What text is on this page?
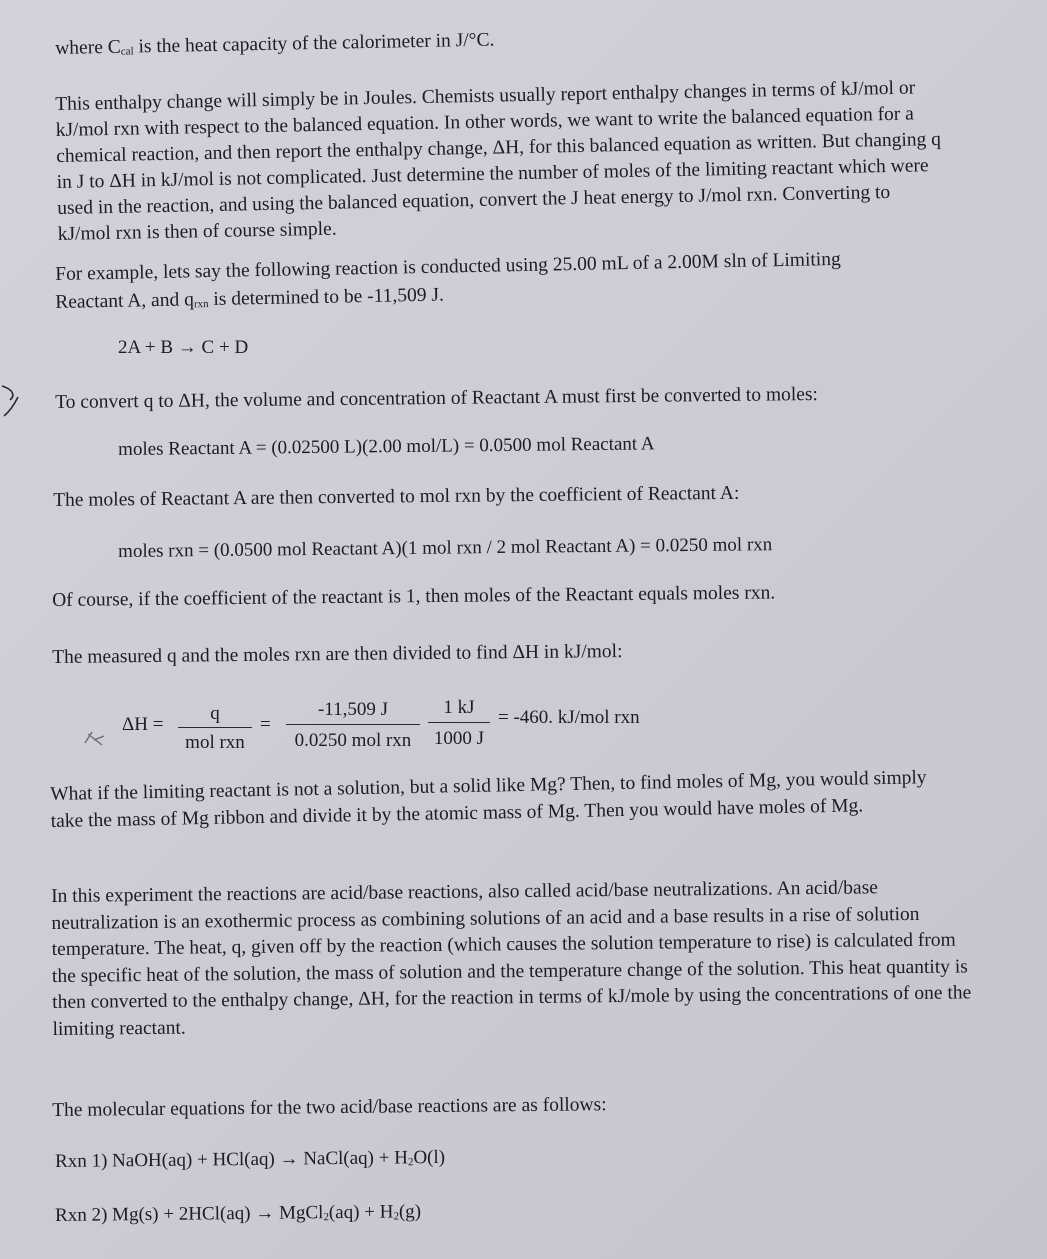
where $C_{cal}$ is the heat capacity of the calorimeter in J/°C.

This enthalpy change will simply be in Joules. Chemists usually report enthalpy changes in terms of kJ/mol or kJ/mol rxn with respect to the balanced equation. In other words, we want to write the balanced equation for a chemical reaction, and then report the enthalpy change, ΔH, for this balanced equation as written. But changing q in J to ΔH in kJ/mol is not complicated. Just determine the number of moles of the limiting reactant which were used in the reaction, and using the balanced equation, convert the J heat energy to J/mol rxn. Converting to kJ/mol rxn is then of course simple.

For example, lets say the following reaction is conducted using 25.00 mL of a 2.00M sln of Limiting

Reactant A, and $q_{rxn}$ is determined to be -11,509 J.

2A + B → C + D

To convert q to ΔH, the volume and concentration of Reactant A must first be converted to moles:

moles Reactant A = (0.02500 L)(2.00 mol/L) = 0.0500 mol Reactant A

The moles of Reactant A are then converted to mol rxn by the coefficient of Reactant A:

moles rxn = (0.0500 mol Reactant A)(1 mol rxn / 2 mol Reactant A) = 0.0250 mol rxn

Of course, if the coefficient of the reactant is 1, then moles of the Reactant equals moles rxn.

The measured q and the moles rxn are then divided to find ΔH in kJ/mol:

ΔH =
q
mol rxn
=
-11,509 J
0.0250 mol rxn
1 kJ
1000 J
= -460. kJ/mol rxn

What if the limiting reactant is not a solution, but a solid like Mg? Then, to find moles of Mg, you would simply take the mass of Mg ribbon and divide it by the atomic mass of Mg. Then you would have moles of Mg.

In this experiment the reactions are acid/base reactions, also called acid/base neutralizations. An acid/base neutralization is an exothermic process as combining solutions of an acid and a base results in a rise of solution temperature. The heat, q, given off by the reaction (which causes the solution temperature to rise) is calculated from the specific heat of the solution, the mass of solution and the temperature change of the solution. This heat quantity is then converted to the enthalpy change, ΔH, for the reaction in terms of kJ/mole by using the concentrations of one the limiting reactant.

The molecular equations for the two acid/base reactions are as follows:

Rxn 1) NaOH(aq) + HCl(aq) → NaCl(aq) + $H_2O(l)$
Rxn 2) Mg(s) + 2HCl(aq) → MgCl$_2$(aq) + $H_2(g)$
